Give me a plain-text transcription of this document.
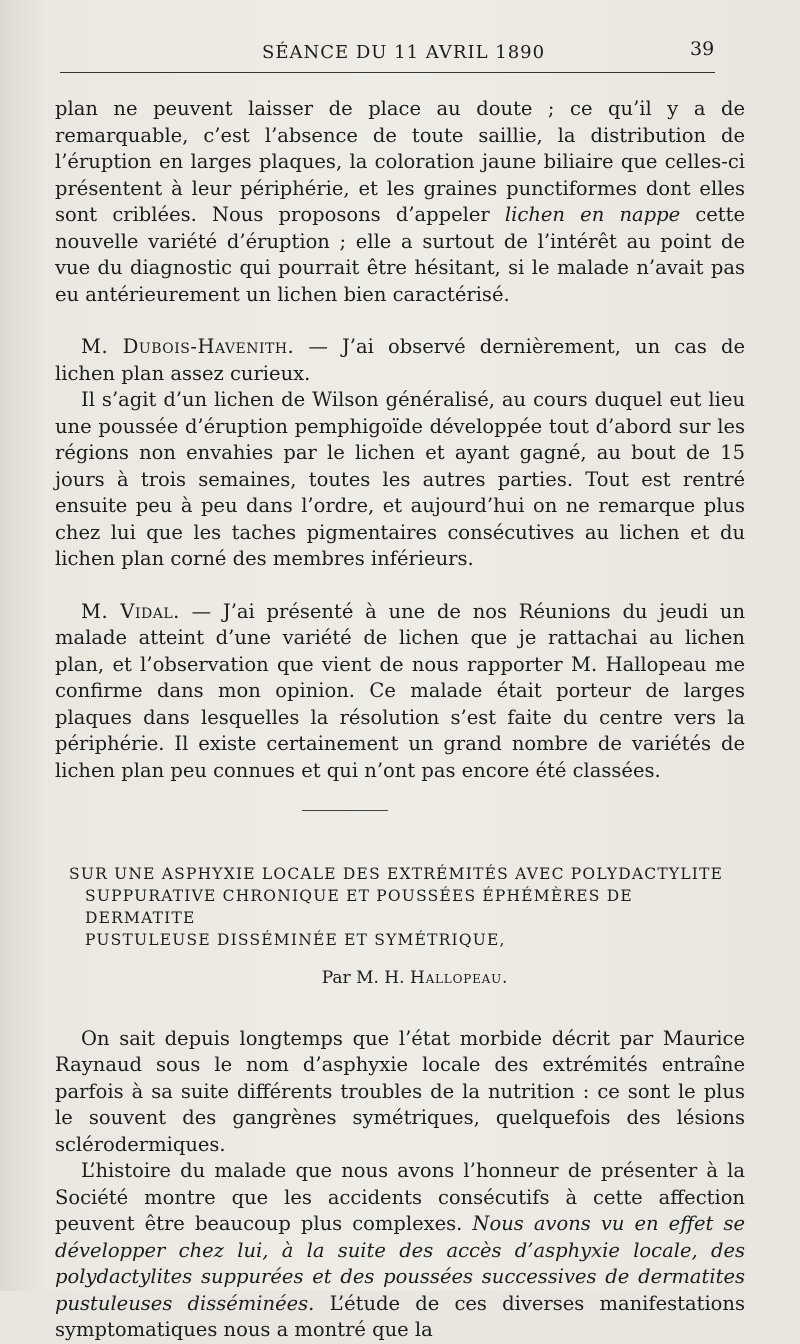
SÉANCE DU 11 AVRIL 1890	39

plan ne peuvent laisser de place au doute ; ce qu’il y a de remarquable, c’est l’absence de toute saillie, la distribution de l’éruption en larges plaques, la coloration jaune biliaire que celles-ci présentent à leur périphérie, et les graines punctiformes dont elles sont criblées. Nous proposons d’appeler lichen en nappe cette nouvelle variété d’éruption ; elle a surtout de l’intérêt au point de vue du diagnostic qui pourrait être hésitant, si le malade n’avait pas eu antérieurement un lichen bien caractérisé.

M. Dubois-Havenith. — J’ai observé dernièrement, un cas de lichen plan assez curieux.

Il s’agit d’un lichen de Wilson généralisé, au cours duquel eut lieu une poussée d’éruption pemphigoïde développée tout d’abord sur les régions non envahies par le lichen et ayant gagné, au bout de 15 jours à trois semaines, toutes les autres parties. Tout est rentré ensuite peu à peu dans l’ordre, et aujourd’hui on ne remarque plus chez lui que les taches pigmentaires consécutives au lichen et du lichen plan corné des membres inférieurs.

M. Vidal. — J’ai présenté à une de nos Réunions du jeudi un malade atteint d’une variété de lichen que je rattachai au lichen plan, et l’observation que vient de nous rapporter M. Hallopeau me confirme dans mon opinion. Ce malade était porteur de larges plaques dans lesquelles la résolution s’est faite du centre vers la périphérie. Il existe certainement un grand nombre de variétés de lichen plan peu connues et qui n’ont pas encore été classées.

SUR UNE ASPHYXIE LOCALE DES EXTRÉMITÉS AVEC POLYDACTYLITE
SUPPURATIVE CHRONIQUE ET POUSSÉES ÉPHÉMÈRES DE DERMATITE
PUSTULEUSE DISSÉMINÉE ET SYMÉTRIQUE,
Par M. H. Hallopeau.

On sait depuis longtemps que l’état morbide décrit par Maurice Raynaud sous le nom d’asphyxie locale des extrémités entraîne parfois à sa suite différents troubles de la nutrition : ce sont le plus le souvent des gangrènes symétriques, quelquefois des lésions sclérodermiques.

L’histoire du malade que nous avons l’honneur de présenter à la Société montre que les accidents consécutifs à cette affection peuvent être beaucoup plus complexes. Nous avons vu en effet se développer chez lui, à la suite des accès d’asphyxie locale, des polydactylites suppurées et des poussées successives de dermatites pustuleuses disséminées. L’étude de ces diverses manifestations symptomatiques nous a montré que la
